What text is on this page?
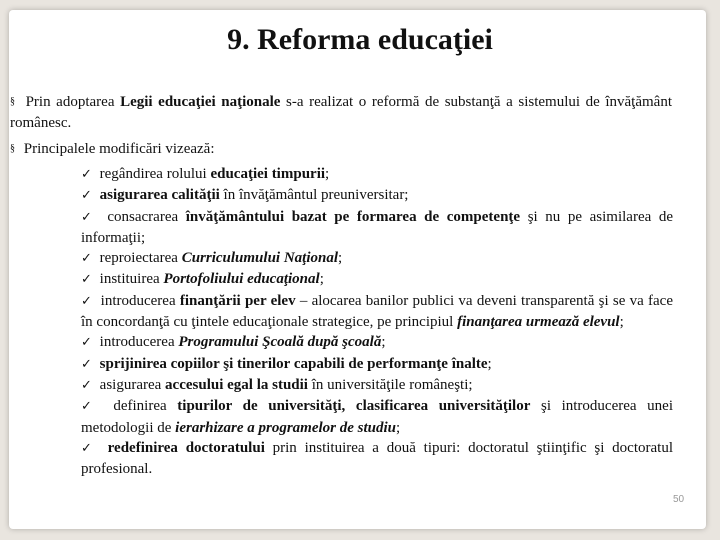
9. Reforma educaţiei
§ Prin adoptarea Legii educaţiei naţionale s-a realizat o reformă de substanţă a sistemului de învăţământ românesc.
§ Principalele modificări vizează:

✓ regândirea rolului educaţiei timpurii;

✓ asigurarea calităţii în învăţământul preuniversitar;

✓ consacrarea învăţământului bazat pe formarea de competenţe şi nu pe asimilarea de informaţii;

✓ reproiectarea Curriculumului Naţional;

✓ instituirea Portofoliului educaţional;

✓ introducerea finanţării per elev – alocarea banilor publici va deveni transparentă şi se va face în concordanţă cu ţintele educaţionale strategice, pe principiul finanţarea urmează elevul;

✓ introducerea Programului Şcoală după şcoală;

✓ sprijinirea copiilor şi tinerilor capabili de performanţe înalte;

✓ asigurarea accesului egal la studii în universităţile româneşti;

✓ definirea tipurilor de universităţi, clasificarea universităţilor şi introducerea unei metodologii de ierarhizare a programelor de studiu;

✓ redefinirea doctoratului prin instituirea a două tipuri: doctoratul ştiinţific şi doctoratul profesional.

50
